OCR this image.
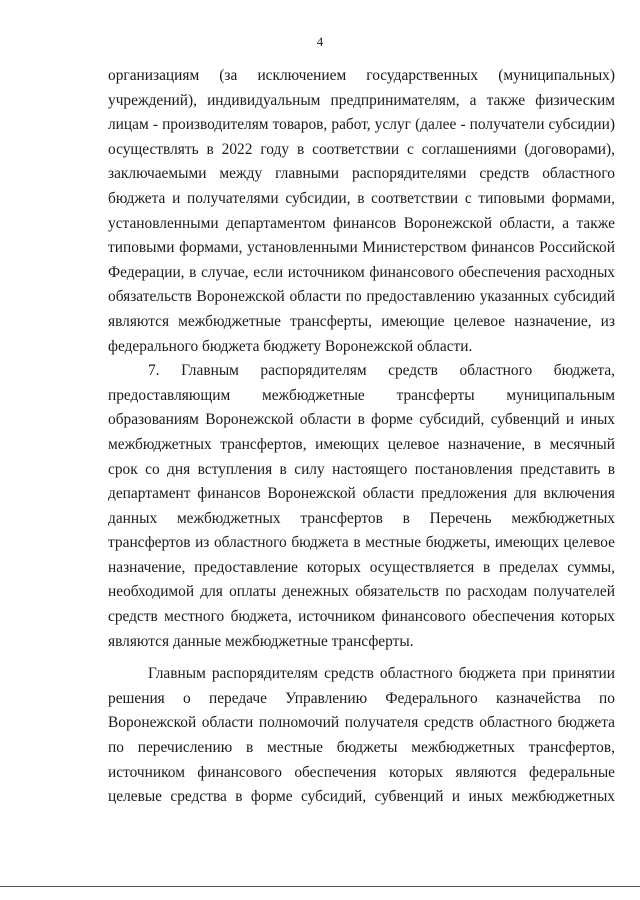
4

организациям (за исключением государственных (муниципальных) учреждений), индивидуальным предпринимателям, а также физическим лицам - производителям товаров, работ, услуг (далее - получатели субсидии) осуществлять в 2022 году в соответствии с соглашениями (договорами), заключаемыми между главными распорядителями средств областного бюджета и получателями субсидии, в соответствии с типовыми формами, установленными департаментом финансов Воронежской области, а также типовыми формами, установленными Министерством финансов Российской Федерации, в случае, если источником финансового обеспечения расходных обязательств Воронежской области по предоставлению указанных субсидий являются межбюджетные трансферты, имеющие целевое назначение, из федерального бюджета бюджету Воронежской области.

7. Главным распорядителям средств областного бюджета, предоставляющим межбюджетные трансферты муниципальным образованиям Воронежской области в форме субсидий, субвенций и иных межбюджетных трансфертов, имеющих целевое назначение, в месячный срок со дня вступления в силу настоящего постановления представить в департамент финансов Воронежской области предложения для включения данных межбюджетных трансфертов в Перечень межбюджетных трансфертов из областного бюджета в местные бюджеты, имеющих целевое назначение, предоставление которых осуществляется в пределах суммы, необходимой для оплаты денежных обязательств по расходам получателей средств местного бюджета, источником финансового обеспечения которых являются данные межбюджетные трансферты.

Главным распорядителям средств областного бюджета при принятии решения о передаче Управлению Федерального казначейства по Воронежской области полномочий получателя средств областного бюджета по перечислению в местные бюджеты межбюджетных трансфертов, источником финансового обеспечения которых являются федеральные целевые средства в форме субсидий, субвенций и иных межбюджетных
